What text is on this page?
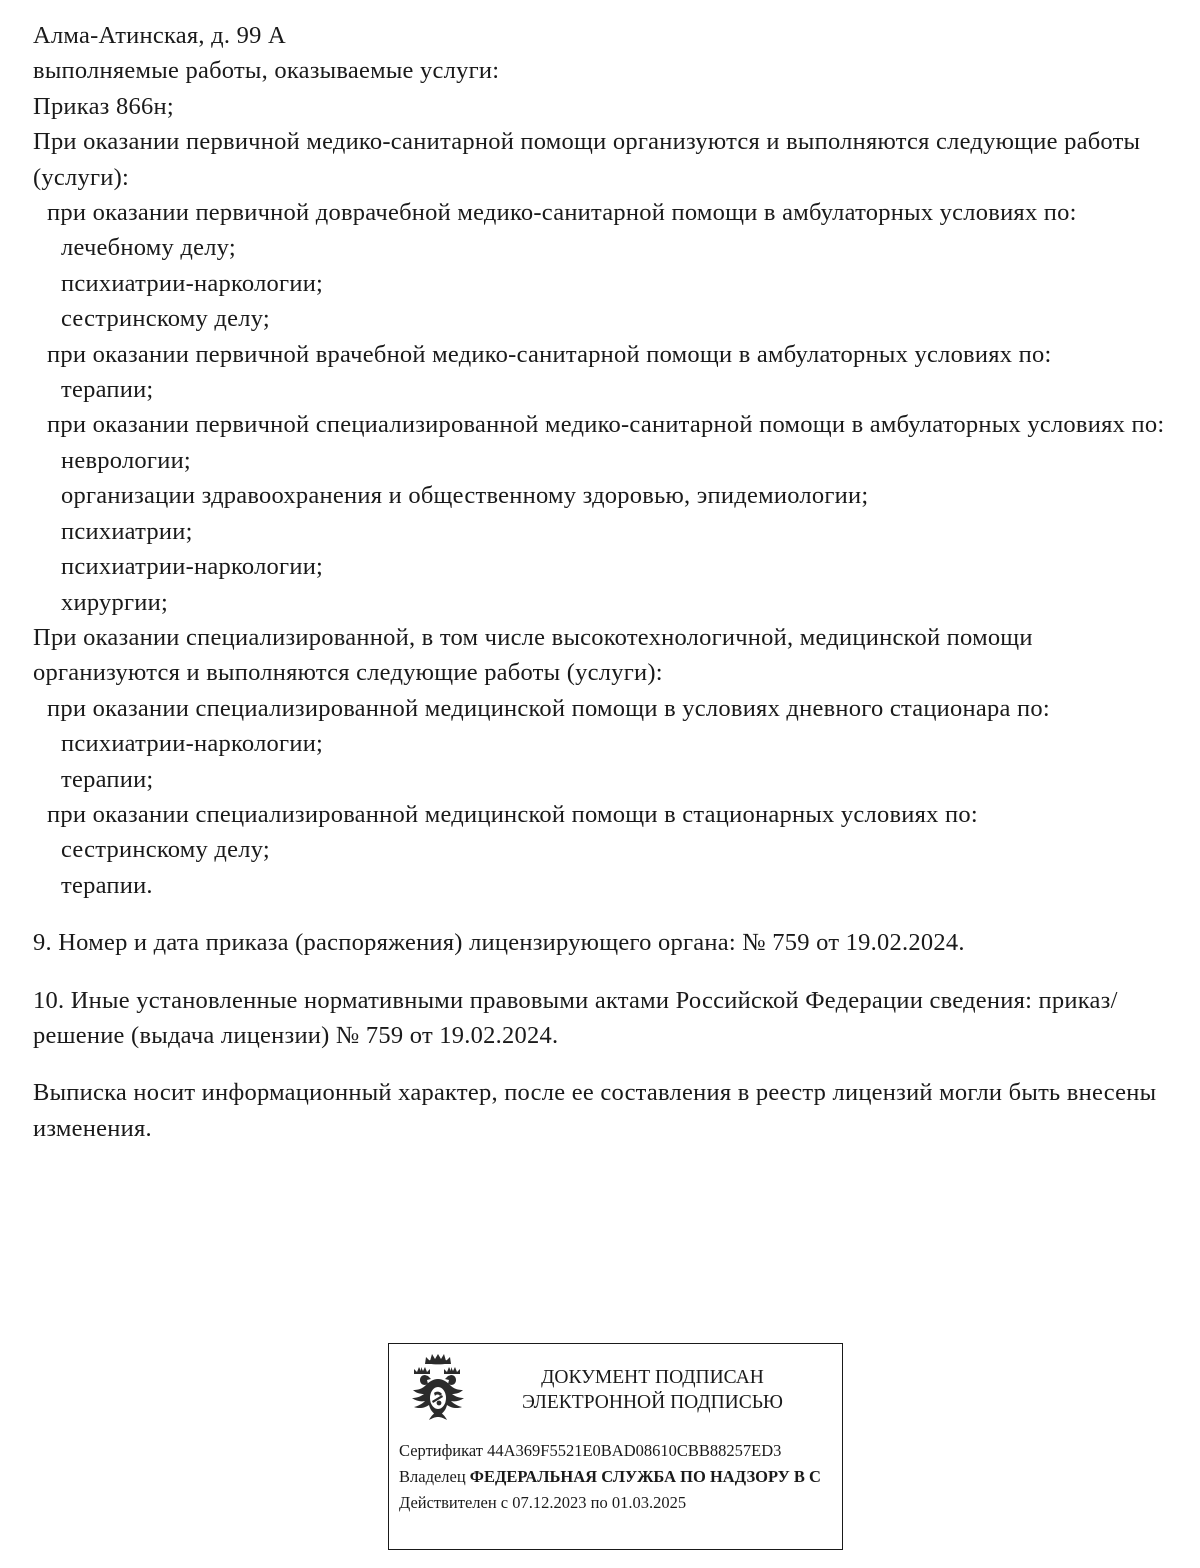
Алма-Атинская, д. 99 А
выполняемые работы, оказываемые услуги:
Приказ 866н;
При оказании первичной медико-санитарной помощи организуются и выполняются следующие работы (услуги):
при оказании первичной доврачебной медико-санитарной помощи в амбулаторных условиях по:
лечебному делу;
психиатрии-наркологии;
сестринскому делу;
при оказании первичной врачебной медико-санитарной помощи в амбулаторных условиях по:
терапии;
при оказании первичной специализированной медико-санитарной помощи в амбулаторных условиях по:
неврологии;
организации здравоохранения и общественному здоровью, эпидемиологии;
психиатрии;
психиатрии-наркологии;
хирургии;
При оказании специализированной, в том числе высокотехнологичной, медицинской помощи организуются и выполняются следующие работы (услуги):
при оказании специализированной медицинской помощи в условиях дневного стационара по:
психиатрии-наркологии;
терапии;
при оказании специализированной медицинской помощи в стационарных условиях по:
сестринскому делу;
терапии.
9. Номер и дата приказа (распоряжения) лицензирующего органа: № 759 от 19.02.2024.
10. Иные установленные нормативными правовыми актами Российской Федерации сведения: приказ/решение (выдача лицензии) № 759 от 19.02.2024.
Выписка носит информационный характер, после ее составления в реестр лицензий могли быть внесены изменения.
ДОКУМЕНТ ПОДПИСАН
ЭЛЕКТРОННОЙ ПОДПИСЬЮ
Сертификат 44A369F5521E0BAD08610CBB88257ED3
Владелец ФЕДЕРАЛЬНАЯ СЛУЖБА ПО НАДЗОРУ В С
Действителен с 07.12.2023 по 01.03.2025
